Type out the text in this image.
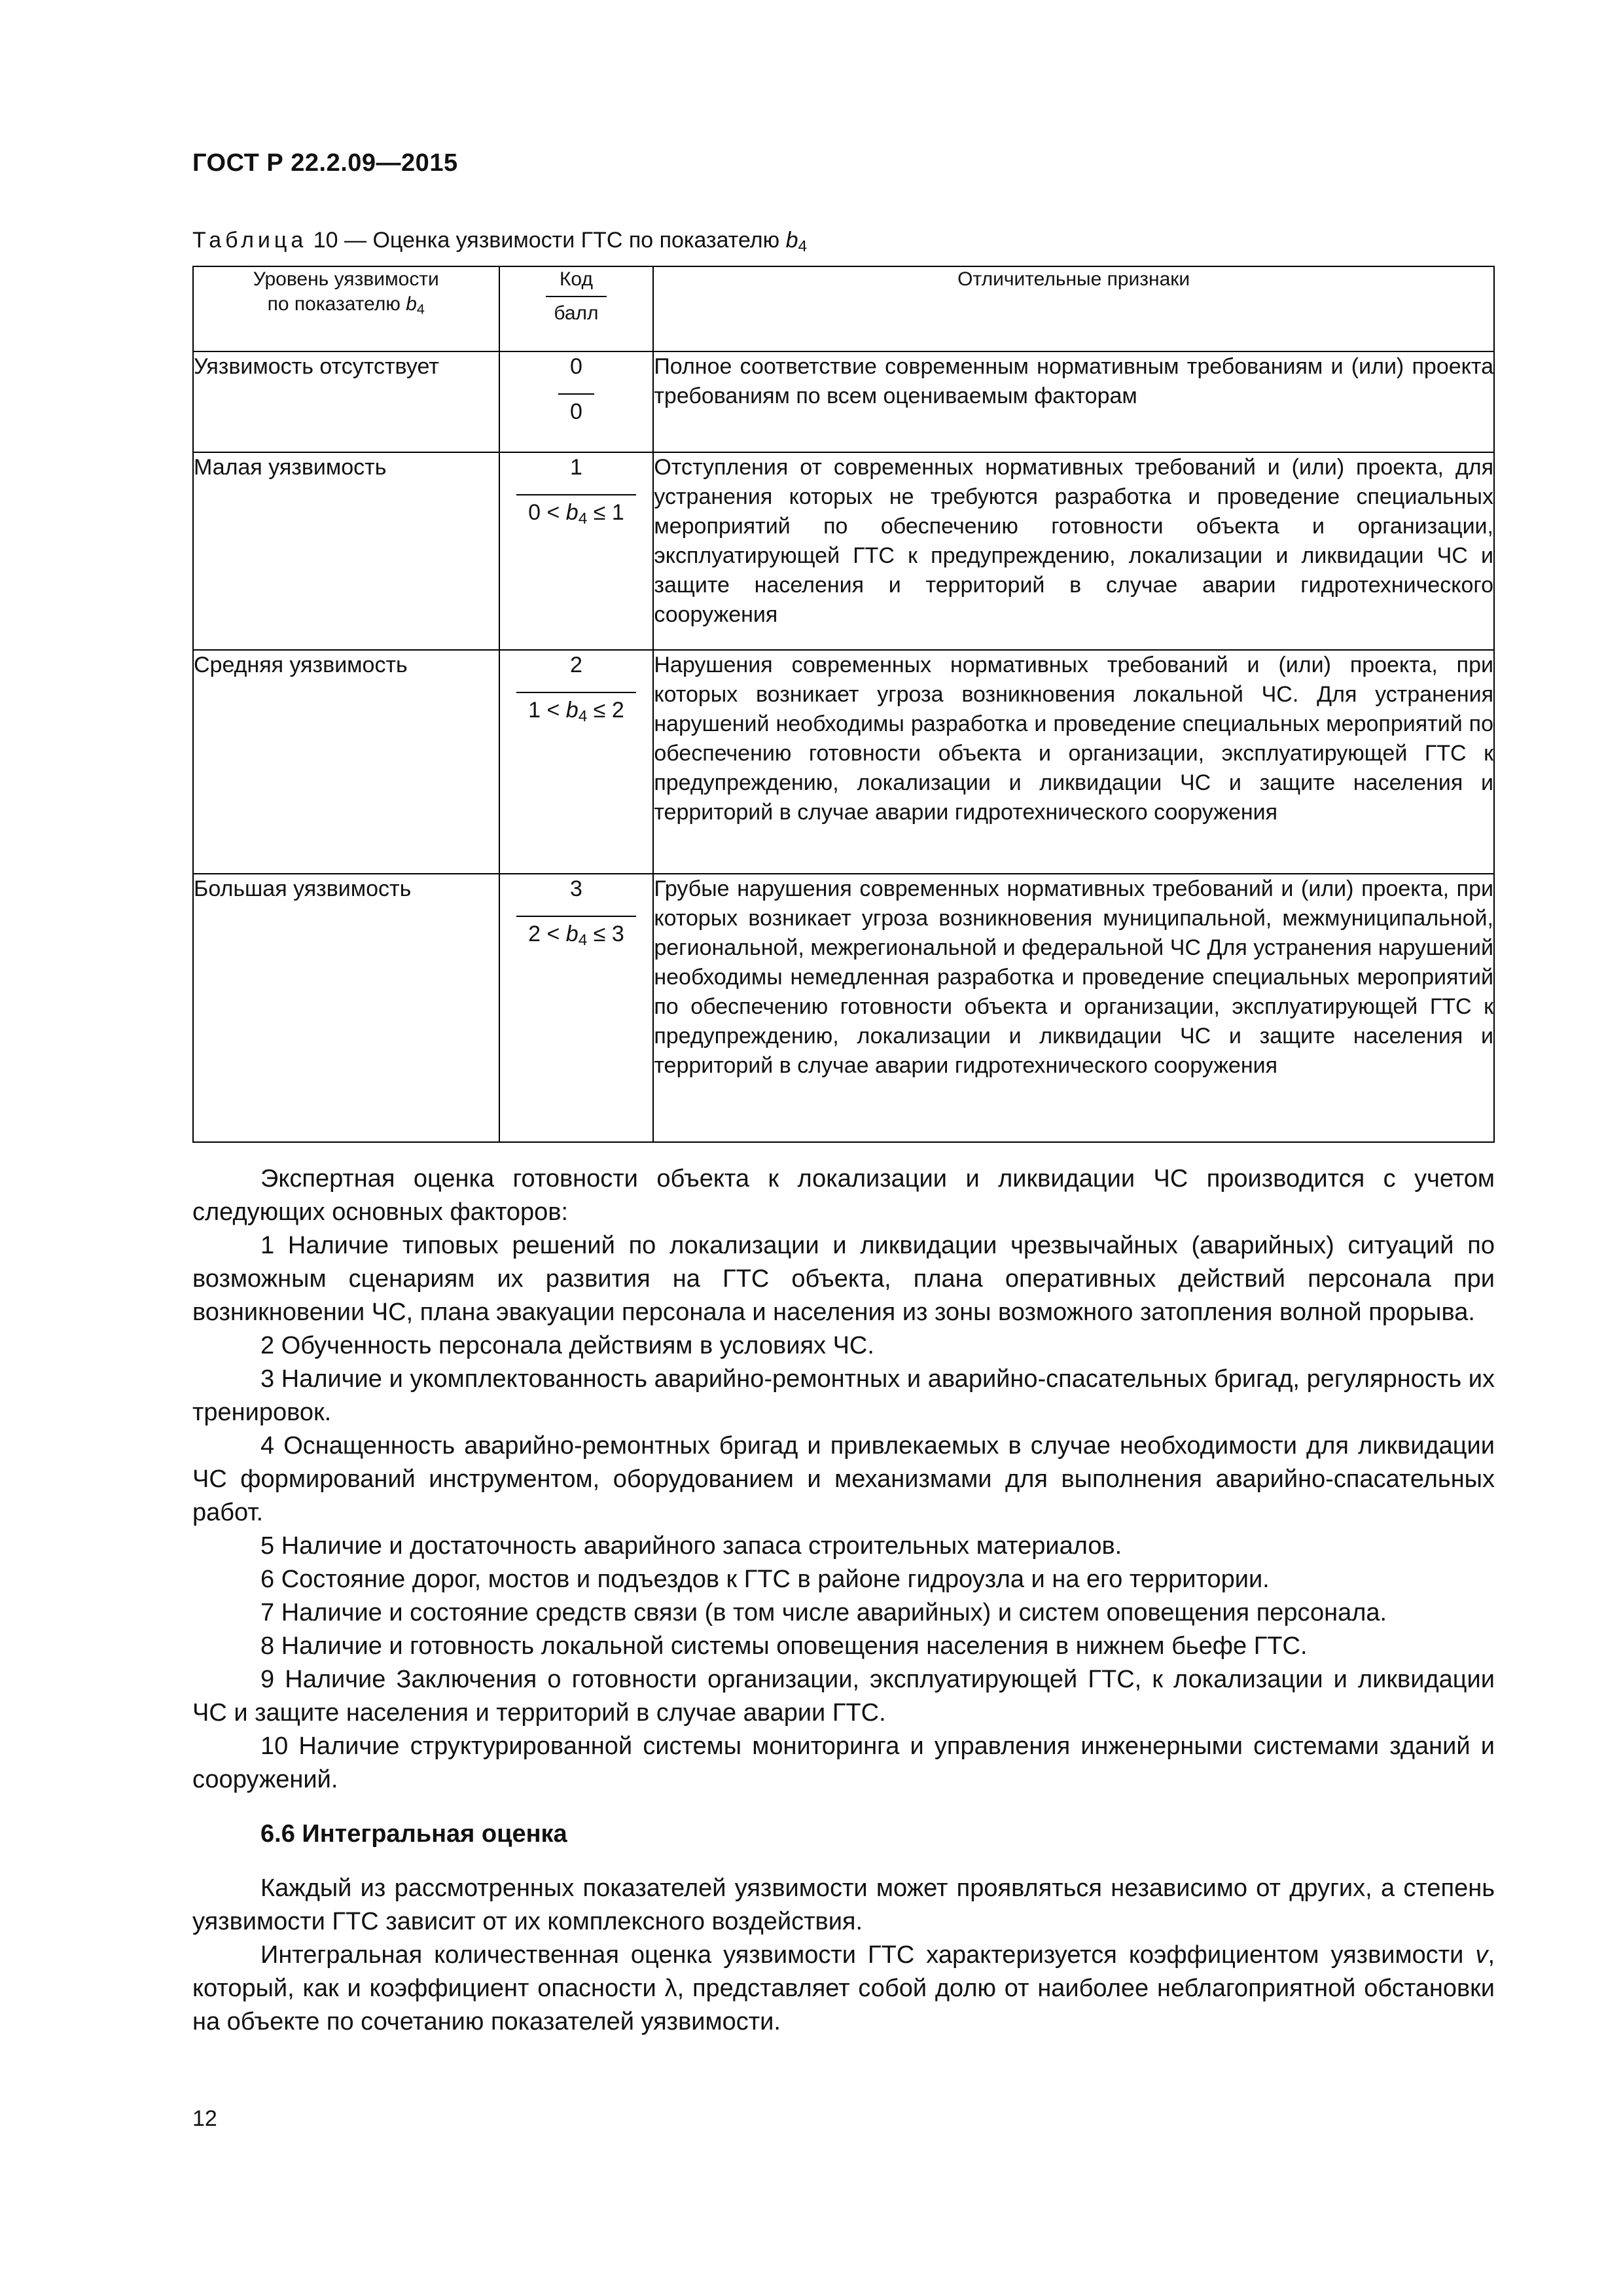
ГОСТ Р 22.2.09—2015
Таблица 10 — Оценка уязвимости ГТС по показателю $b_4$
Уровень уязвимости
по показателю $b_4$	$\frac{\text{Код}}{\text{балл}}$	Отличительные признаки
Уязвимость отсутствует	$\frac{0}{0}$	Полное соответствие современным нормативным требованиям и (или) проекта требованиям по всем оцениваемым факторам
Малая уязвимость	$\frac{1}{0 < b_4 \le 1}$	Отступления от современных нормативных требований и (или) проекта, для устранения которых не требуются разработка и проведение специальных мероприятий по обеспечению готовности объекта и организации, эксплуатирующей ГТС к предупреждению, локализации и ликвидации ЧС и защите населения и территорий в случае аварии гидротехнического сооружения
Средняя уязвимость	$\frac{2}{1 < b_4 \le 2}$	Нарушения современных нормативных требований и (или) проекта, при которых возникает угроза возникновения локальной ЧС. Для устранения нарушений необходимы разработка и проведение специальных мероприятий по обеспечению готовности объекта и организации, эксплуатирующей ГТС к предупреждению, локализации и ликвидации ЧС и защите населения и территорий в случае аварии гидротехнического сооружения
Большая уязвимость	$\frac{3}{2 < b_4 \le 3}$	Грубые нарушения современных нормативных требований и (или) проекта, при которых возникает угроза возникновения муниципальной, межмуниципальной, региональной, межрегиональной и федеральной ЧС Для устранения нарушений необходимы немедленная разработка и проведение специальных мероприятий по обеспечению готовности объекта и организации, эксплуатирующей ГТС к предупреждению, локализации и ликвидации ЧС и защите населения и территорий в случае аварии гидротехнического сооружения

Экспертная оценка готовности объекта к локализации и ликвидации ЧС производится с учетом следующих основных факторов:

1 Наличие типовых решений по локализации и ликвидации чрезвычайных (аварийных) ситуаций по возможным сценариям их развития на ГТС объекта, плана оперативных действий персонала при возникновении ЧС, плана эвакуации персонала и населения из зоны возможного затопления волной прорыва.

2 Обученность персонала действиям в условиях ЧС.

3 Наличие и укомплектованность аварийно-ремонтных и аварийно-спасательных бригад, регулярность их тренировок.

4 Оснащенность аварийно-ремонтных бригад и привлекаемых в случае необходимости для ликвидации ЧС формирований инструментом, оборудованием и механизмами для выполнения аварийно-спасательных работ.

5 Наличие и достаточность аварийного запаса строительных материалов.

6 Состояние дорог, мостов и подъездов к ГТС в районе гидроузла и на его территории.

7 Наличие и состояние средств связи (в том числе аварийных) и систем оповещения персонала.

8 Наличие и готовность локальной системы оповещения населения в нижнем бьефе ГТС.

9 Наличие Заключения о готовности организации, эксплуатирующей ГТС, к локализации и ликвидации ЧС и защите населения и территорий в случае аварии ГТС.

10 Наличие структурированной системы мониторинга и управления инженерными системами зданий и сооружений.

6.6 Интегральная оценка

Каждый из рассмотренных показателей уязвимости может проявляться независимо от других, а степень уязвимости ГТС зависит от их комплексного воздействия.

Интегральная количественная оценка уязвимости ГТС характеризуется коэффициентом уязвимости v, который, как и коэффициент опасности λ, представляет собой долю от наиболее неблагоприятной обстановки на объекте по сочетанию показателей уязвимости.

12
